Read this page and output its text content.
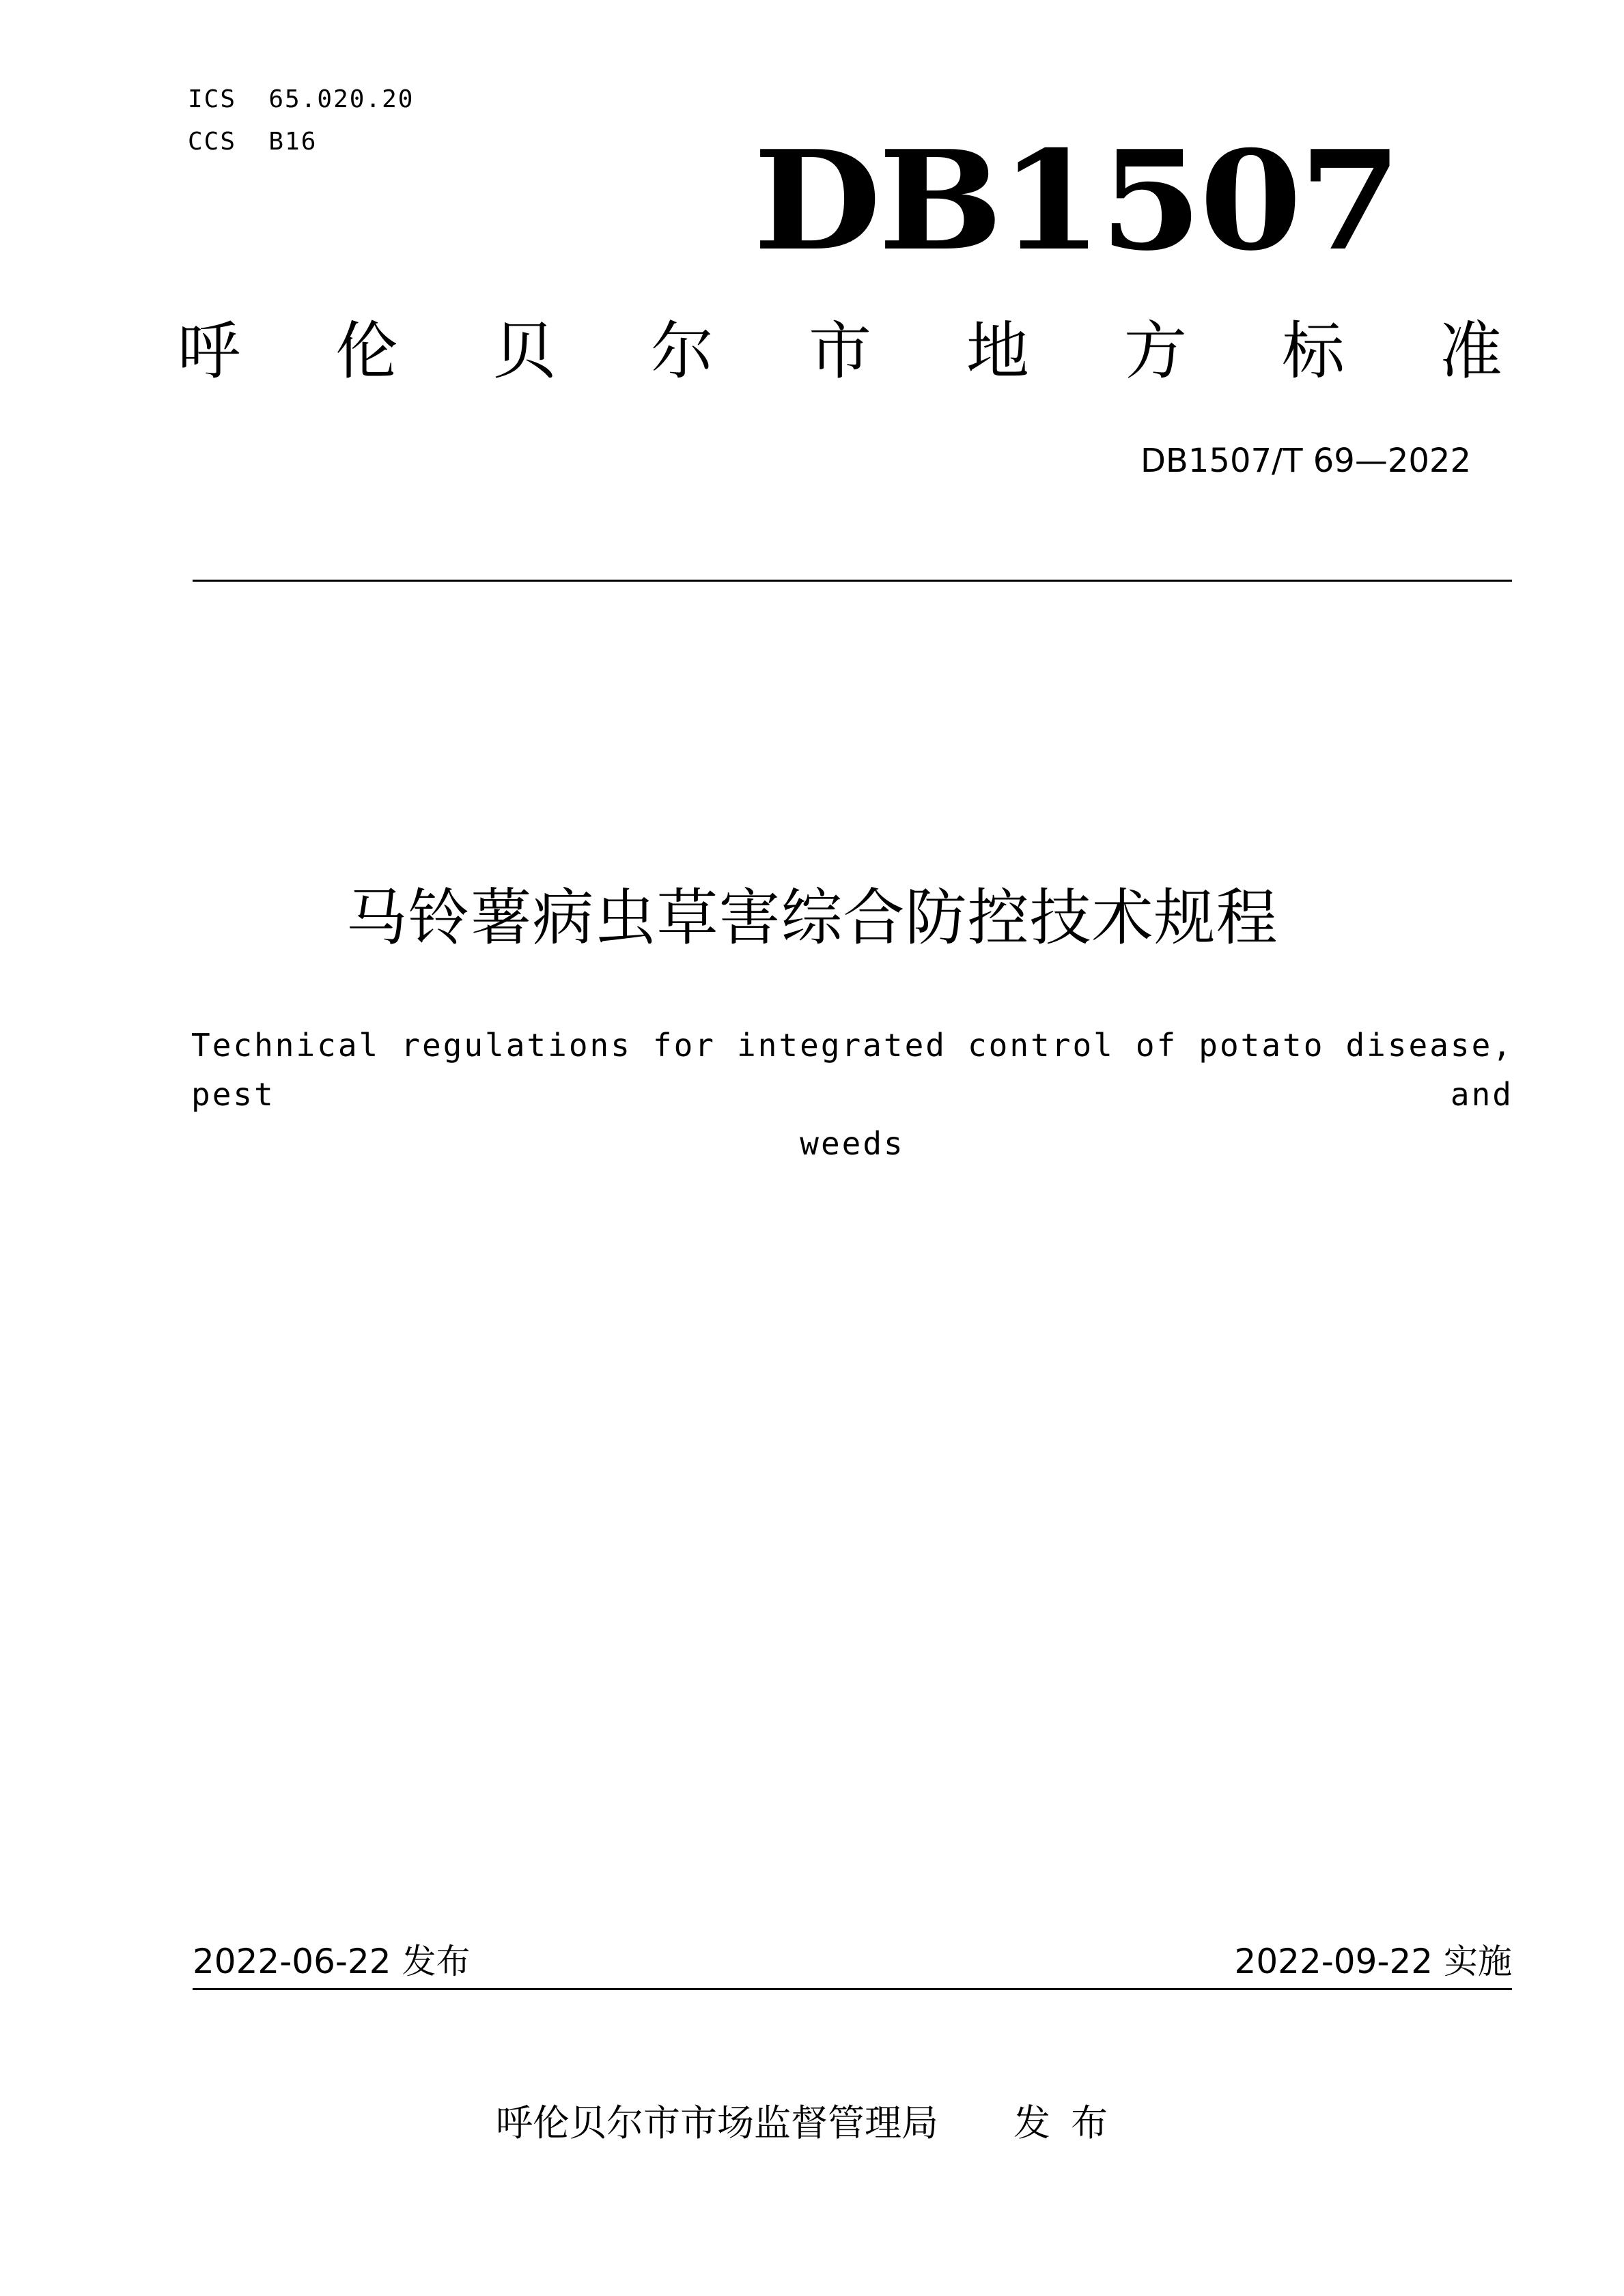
ICS  65.020.20
CCS  B16	DB1507
呼 伦 贝 尔 市 地 方 标 准
DB1507/T 69—2022
马铃薯病虫草害综合防控技术规程
Technical regulations for integrated control of potato disease, pest and
weeds
2022-06-22 发布	2022-09-22 实施
呼伦贝尔市市场监督管理局 发布
